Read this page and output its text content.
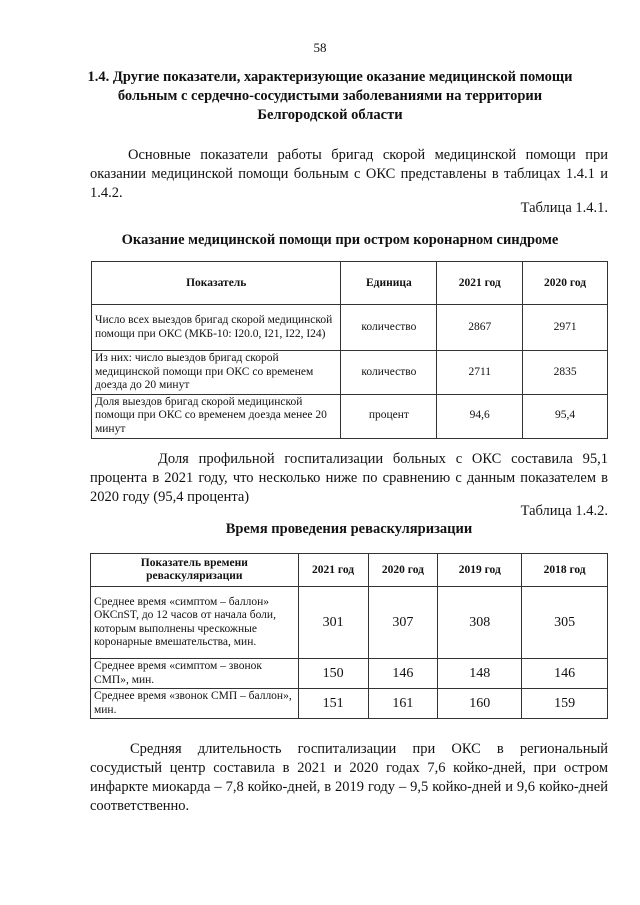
58
1.4. Другие показатели, характеризующие оказание медицинской помощи больным с сердечно-сосудистыми заболеваниями на территории Белгородской области
Основные показатели работы бригад скорой медицинской помощи при оказании медицинской помощи больным с ОКС представлены в таблицах 1.4.1 и 1.4.2.
Таблица 1.4.1.
Оказание медицинской помощи при остром коронарном синдроме
Показатель	Единица	2021 год	2020 год
Число всех выездов бригад скорой медицинской помощи при ОКС (МКБ-10: I20.0, I21, I22, I24)	количество	2867	2971
Из них: число выездов бригад скорой медицинской помощи при ОКС со временем доезда до 20 минут	количество	2711	2835
Доля выездов бригад скорой медицинской помощи при ОКС со временем доезда менее 20 минут	процент	94,6	95,4
Доля профильной госпитализации больных с ОКС составила 95,1 процента в 2021 году, что несколько ниже по сравнению с данным показателем в 2020 году (95,4 процента)
Таблица 1.4.2.
Время проведения реваскуляризации
Показатель времени реваскуляризации	2021 год	2020 год	2019 год	2018 год
Среднее время «симптом – баллон» ОКСпST, до 12 часов от начала боли, которым выполнены чрескожные коронарные вмешательства, мин.	301	307	308	305
Среднее время «симптом – звонок СМП», мин.	150	146	148	146
Среднее время «звонок СМП – баллон», мин.	151	161	160	159
Средняя длительность госпитализации при ОКС в региональный сосудистый центр составила в 2021 и 2020 годах 7,6 койко-дней, при остром инфаркте миокарда – 7,8 койко-дней, в 2019 году – 9,5 койко-дней и 9,6 койко-дней соответственно.
